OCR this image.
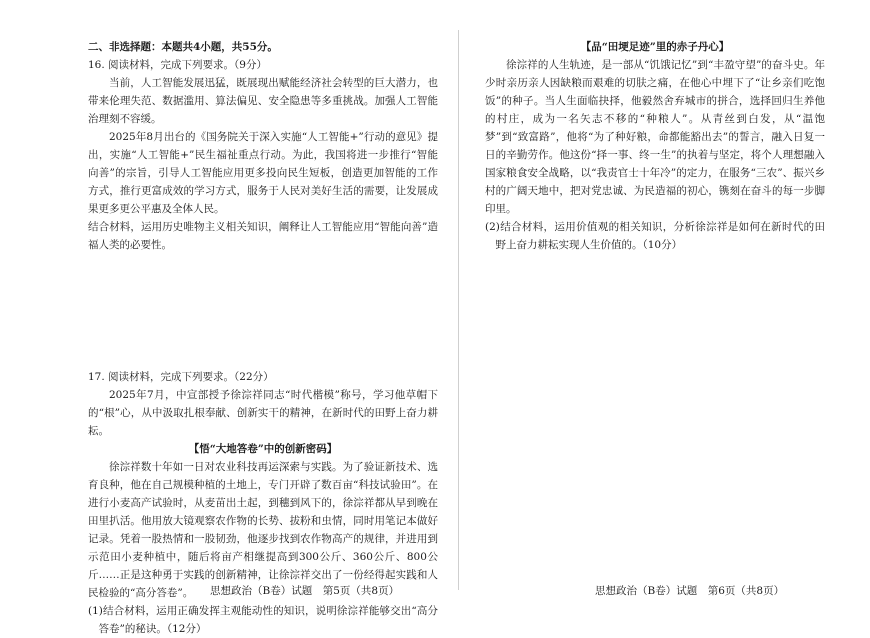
二、非选择题：本题共4小题，共55分。

16. 阅读材料，完成下列要求。（9分）

当前，人工智能发展迅猛，既展现出赋能经济社会转型的巨大潜力，也带来伦理失范、数据滥用、算法偏见、安全隐患等多重挑战。加强人工智能治理刻不容缓。

2025年8月出台的《国务院关于深入实施“人工智能+”行动的意见》提出，实施“人工智能+”民生福祉重点行动。为此，我国将进一步推行“智能向善”的宗旨，引导人工智能应用更多投向民生短板，创造更加智能的工作方式，推行更富成效的学习方式，服务于人民对美好生活的需要，让发展成果更多更公平惠及全体人民。

结合材料，运用历史唯物主义相关知识，阐释让人工智能应用“智能向善”造福人类的必要性。

17. 阅读材料，完成下列要求。（22分）

2025年7月，中宣部授予徐淙祥同志“时代楷模”称号，学习他草帽下的“根”心，从中汲取扎根奉献、创新实干的精神，在新时代的田野上奋力耕耘。

【悟“大地答卷”中的创新密码】

徐淙祥数十年如一日对农业科技再运深索与实践。为了验证新技术、选育良种，他在自己规模种植的土地上，专门开辟了数百亩“科技试验田”。在进行小麦高产试验时，从麦苗出土起，到穗到风下的，徐淙祥都从早到晚在田里扒活。他用放大镜观察农作物的长势、拔粉和虫情，同时用笔记本做好记录。凭着一股热情和一股韧劲，他逐步找到农作物高产的规律，并进用到示范田小麦种植中，随后将亩产相继提高到300公斤、360公斤、800公斤……正是这种勇于实践的创新精神，让徐淙祥交出了一份经得起实践和人民检验的“高分答卷”。

(1)结合材料，运用正确发挥主观能动性的知识，说明徐淙祥能够交出“高分答卷”的秘诀。（12分）

【品“田埂足迹”里的赤子丹心】

徐淙祥的人生轨迹，是一部从“饥饿记忆”到“丰盈守望”的奋斗史。年少时亲历亲人因缺粮而艰难的切肤之痛，在他心中埋下了“让乡亲们吃饱饭”的种子。当人生面临抉择，他毅然舍弃城市的拼合，选择回归生养他的村庄，成为一名矢志不移的“种粮人”。从青丝到白发，从“温饱梦”到“致富路”，他将“为了种好粮，命都能豁出去”的誓言，融入日复一日的辛勤劳作。他这份“择一事、终一生”的执着与坚定，将个人理想融入国家粮食安全战略，以“我责官士十年冷”的定力，在服务“三农”、振兴乡村的广阔天地中，把对党忠诚、为民造福的初心，镌刻在奋斗的每一步脚印里。

(2)结合材料，运用价值观的相关知识，分析徐淙祥是如何在新时代的田野上奋力耕耘实现人生价值的。（10分）

思想政治（B卷）试题　第5页（共8页）	思想政治（B卷）试题　第6页（共8页）
